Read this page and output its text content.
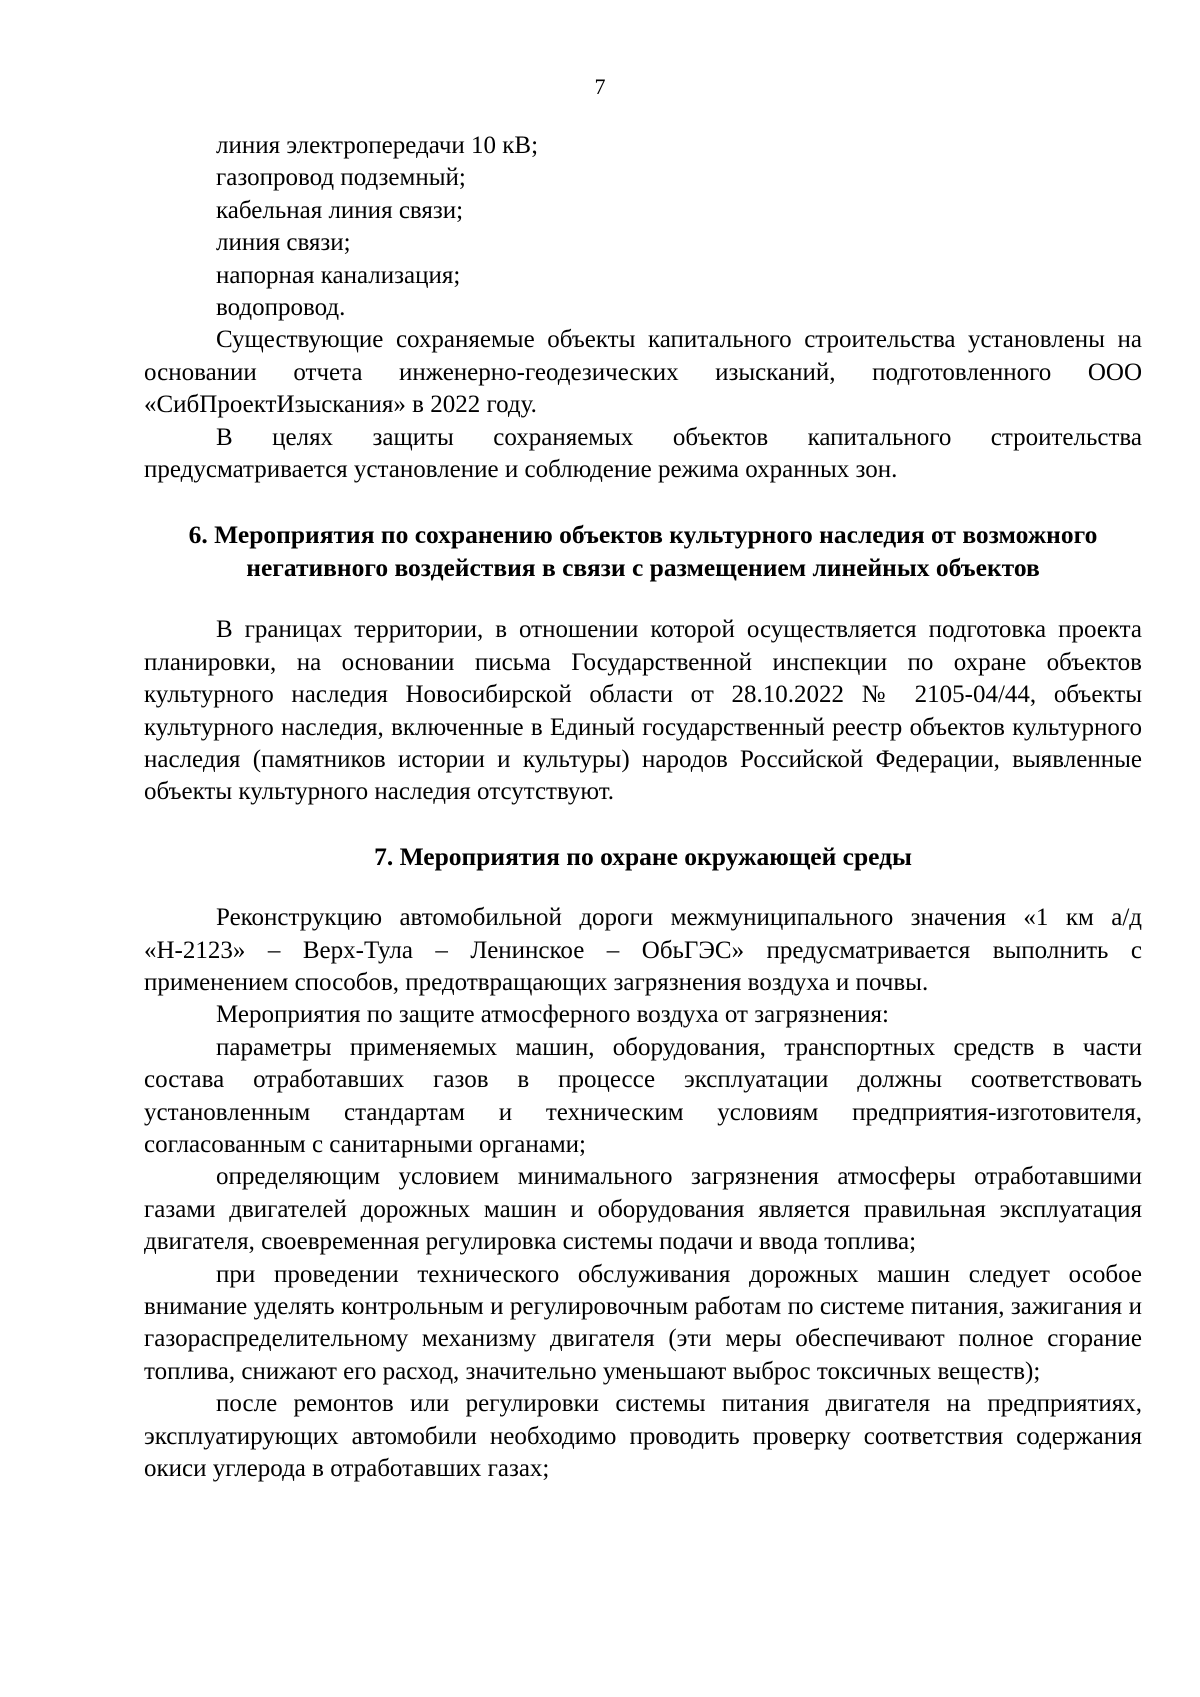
7

линия электропередачи 10 кВ;

газопровод подземный;

кабельная линия связи;

линия связи;

напорная канализация;

водопровод.

Существующие сохраняемые объекты капитального строительства установлены на основании отчета инженерно-геодезических изысканий, подготовленного ООО «СибПроектИзыскания» в 2022 году.

В целях защиты сохраняемых объектов капитального строительства предусматривается установление и соблюдение режима охранных зон.

6. Мероприятия по сохранению объектов культурного наследия от возможного негативного воздействия в связи с размещением линейных объектов

В границах территории, в отношении которой осуществляется подготовка проекта планировки, на основании письма Государственной инспекции по охране объектов культурного наследия Новосибирской области от 28.10.2022 № 2105-04/44, объекты культурного наследия, включенные в Единый государственный реестр объектов культурного наследия (памятников истории и культуры) народов Российской Федерации, выявленные объекты культурного наследия отсутствуют.

7. Мероприятия по охране окружающей среды

Реконструкцию автомобильной дороги межмуниципального значения «1 км а/д «Н-2123» – Верх-Тула – Ленинское – ОбьГЭС» предусматривается выполнить с применением способов, предотвращающих загрязнения воздуха и почвы.

Мероприятия по защите атмосферного воздуха от загрязнения:

параметры применяемых машин, оборудования, транспортных средств в части состава отработавших газов в процессе эксплуатации должны соответствовать установленным стандартам и техническим условиям предприятия-изготовителя, согласованным с санитарными органами;

определяющим условием минимального загрязнения атмосферы отработавшими газами двигателей дорожных машин и оборудования является правильная эксплуатация двигателя, своевременная регулировка системы подачи и ввода топлива;

при проведении технического обслуживания дорожных машин следует особое внимание уделять контрольным и регулировочным работам по системе питания, зажигания и газораспределительному механизму двигателя (эти меры обеспечивают полное сгорание топлива, снижают его расход, значительно уменьшают выброс токсичных веществ);

после ремонтов или регулировки системы питания двигателя на предприятиях, эксплуатирующих автомобили необходимо проводить проверку соответствия содержания окиси углерода в отработавших газах;
